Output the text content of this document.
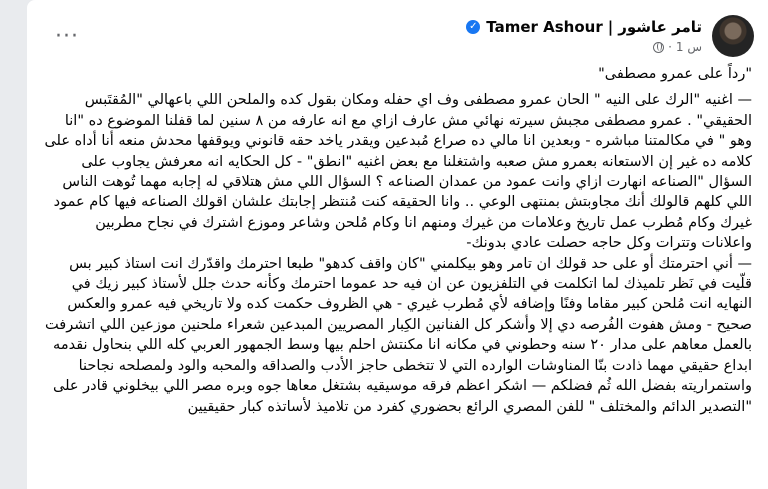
···	✓ Tamer Ashour | تامر عاشور
· 1 س

"رداً على عمرو مصطفى"

— اغنيه "الرك على النيه " الحان عمرو مصطفى وف اي حفله ومكان بقول كده والملحن اللي باعهالي "المُقتَبس الحقيقي" . عمرو مصطفى مجبش سيرته نهائي مش عارف ازاي مع انه عارفه من ٨ سنين لما قفلنا الموضوع ده "انا وهو " في مكالمتنا مباشره - وبعدين انا مالي ده صراع مُبدعين ويقدر ياخد حقه قانوني ويوقفها محدش منعه أنا أداه على كلامه ده غير إن الاستعانه بعمرو مش صعبه واشتغلنا مع بعض اغنيه "انطق" - كل الحكايه انه معرفش يجاوب على السؤال "الصناعه انهارت ازاي وانت عمود من عمدان الصناعه ؟ السؤال اللي مش هتلاقي له إجابه مهما تُوهت الناس اللي كلهم قالولك أنك مجاوبتش بمنتهى الوعي .. وانا الحقيقه كنت مُنتظر إجابتك علشان اقولك الصناعه فيها كام عمود غيرك وكام مُطرب عمل تاريخ وعلامات من غيرك ومنهم انا وكام مُلحن وشاعر وموزع اشترك في نجاح مطربين واعلانات وتترات وكل حاجه حصلت عادي بدونك-

— أني احترمتك أو على حد قولك ان تامر وهو بيكلمني "كان واقف كدهو" طبعا احترمك واقدّرك انت استاذ كبير بس قلّيت في نَظر تلميذك لما اتكلمت في التلفزيون عن ان فيه حد عموما احترمك وكأنه حدث جلل لأستاذ كبير زيك في النهايه انت مُلحن كبير مقاما وفنًا وإضافه لأي مُطرب غيري - هي الظروف حكمت كده ولا تاريخي فيه عمرو والعكس صحيح - ومش هفوت الفُرصه دي إلا وأشكر كل الفنانين الكِبار المصريين المبدعين شعراء ملحنين موزعين اللي اتشرفت بالعمل معاهم على مدار ٢٠ سنه وحطوني في مكانه انا مكنتش احلم بيها وسط الجمهور العربي كله اللي بنحاول نقدمه ابداع حقيقي مهما ذادت بنّا المناوشات الوارده التي لا تتخطى حاجز الأدب والصداقه والمحبه والود ولمصلحه نجاحنا واستمراريته بفضل الله ثُم فضلكم — اشكر اعظم فرقه موسيقيه بشتغل معاها جوه وبره مصر اللي بيخلوني قادر على "التصدير الدائم والمختلف " للفن المصري الرائع بحضوري كفرد من تلاميذ لأساتذه كبار حقيقيين
